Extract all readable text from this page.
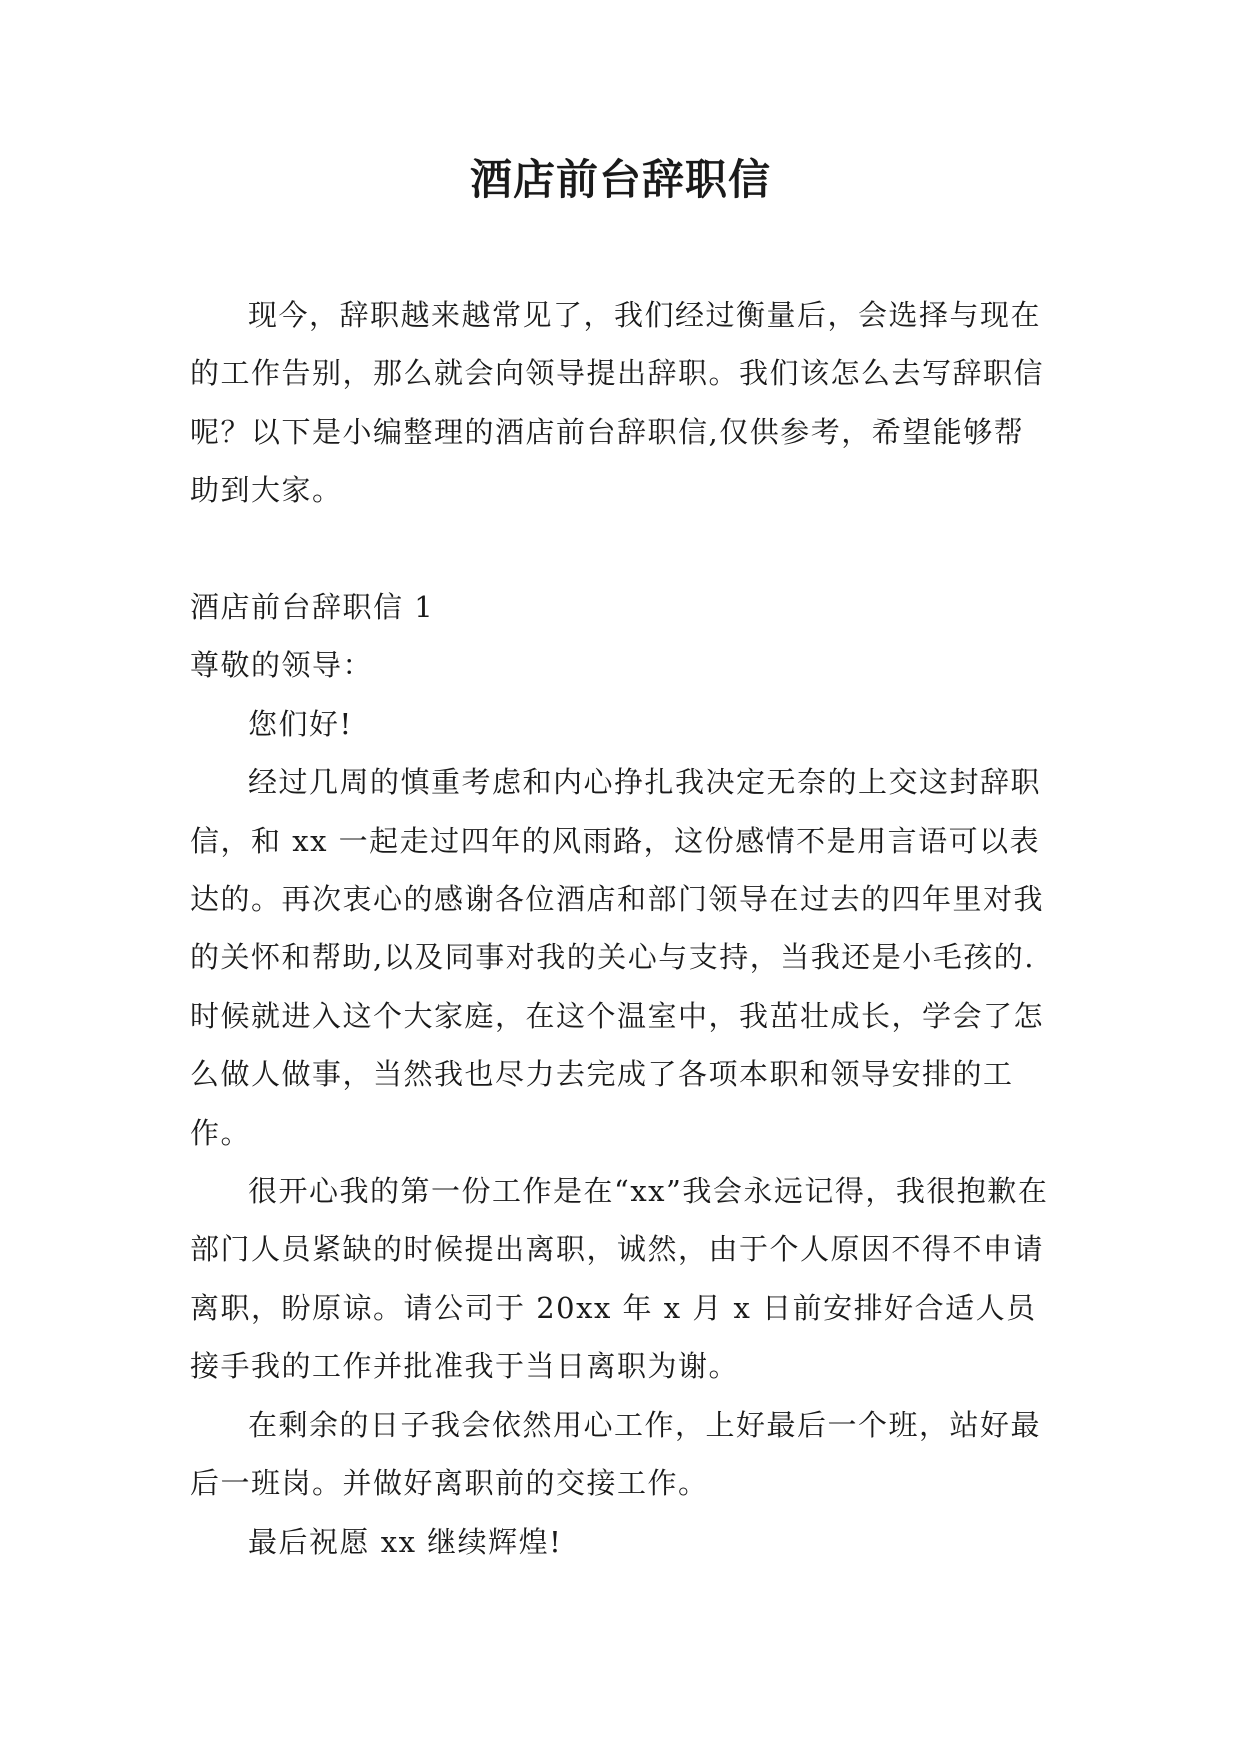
酒店前台辞职信

现今，辞职越来越常见了，我们经过衡量后，会选择与现在的工作告别，那么就会向领导提出辞职。我们该怎么去写辞职信呢？以下是小编整理的酒店前台辞职信,仅供参考，希望能够帮助到大家。

酒店前台辞职信 1

尊敬的领导：

您们好!

经过几周的慎重考虑和内心挣扎我决定无奈的上交这封辞职信，和 xx 一起走过四年的风雨路，这份感情不是用言语可以表达的。再次衷心的感谢各位酒店和部门领导在过去的四年里对我的关怀和帮助,以及同事对我的关心与支持，当我还是小毛孩的.时候就进入这个大家庭，在这个温室中，我茁壮成长，学会了怎么做人做事，当然我也尽力去完成了各项本职和领导安排的工作。

很开心我的第一份工作是在“xx”我会永远记得，我很抱歉在部门人员紧缺的时候提出离职，诚然，由于个人原因不得不申请离职，盼原谅。请公司于 20xx 年 x 月 x 日前安排好合适人员接手我的工作并批准我于当日离职为谢。

在剩余的日子我会依然用心工作，上好最后一个班，站好最后一班岗。并做好离职前的交接工作。

最后祝愿 xx 继续辉煌!
